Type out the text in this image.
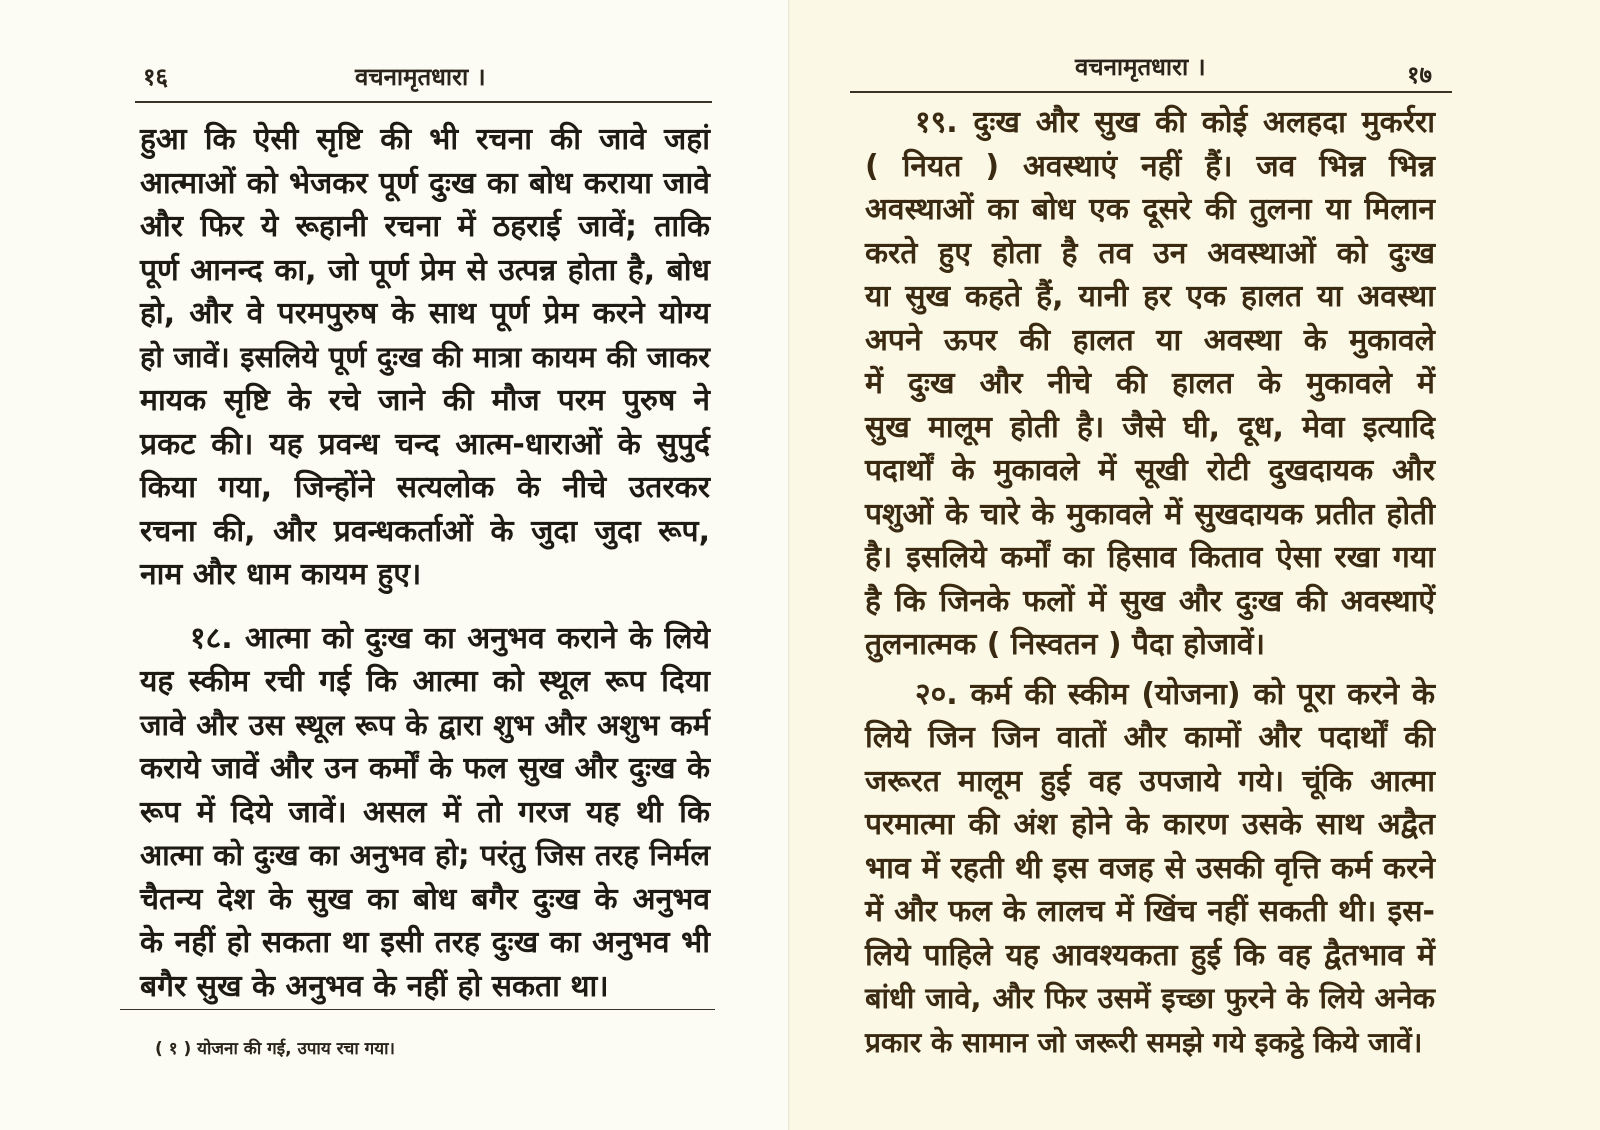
१६	वचनामृतधारा ।
हुआ कि ऐसी सृष्टि की भी रचना की जावे जहां
आत्माओं को भेजकर पूर्ण दुःख का बोध कराया जावे
और फिर ये रूहानी रचना में ठहराई जावें; ताकि
पूर्ण आनन्द का, जो पूर्ण प्रेम से उत्पन्न होता है, बोध
हो, और वे परमपुरुष के साथ पूर्ण प्रेम करने योग्य
हो जावें। इसलिये पूर्ण दुःख की मात्रा कायम की जाकर
मायक सृष्टि के रचे जाने की मौज परम पुरुष ने
प्रकट की। यह प्रवन्ध चन्द आत्म-धाराओं के सुपुर्द
किया गया, जिन्होंने सत्यलोक के नीचे उतरकर
रचना की, और प्रवन्धकर्ताओं के जुदा जुदा रूप,
नाम और धाम कायम हुए।
१८. आत्मा को दुःख का अनुभव कराने के लिये
यह स्कीम रची गई कि आत्मा को स्थूल रूप दिया
जावे और उस स्थूल रूप के द्वारा शुभ और अशुभ कर्म
कराये जावें और उन कर्मों के फल सुख और दुःख के
रूप में दिये जावें। असल में तो गरज यह थी कि
आत्मा को दुःख का अनुभव हो; परंतु जिस तरह निर्मल
चैतन्य देश के सुख का बोध बगैर दुःख के अनुभव
के नहीं हो सकता था इसी तरह दुःख का अनुभव भी
बगैर सुख के अनुभव के नहीं हो सकता था।
( १ ) योजना की गई, उपाय रचा गया।
वचनामृतधारा ।	१७
१९. दुःख और सुख की कोई अलहदा मुकर्ररा
( नियत ) अवस्थाएं नहीं हैं। जव भिन्न भिन्न
अवस्थाओं का बोध एक दूसरे की तुलना या मिलान
करते हुए होता है तव उन अवस्थाओं को दुःख
या सुख कहते हैं, यानी हर एक हालत या अवस्था
अपने ऊपर की हालत या अवस्था के मुकावले
में दुःख और नीचे की हालत के मुकावले में
सुख मालूम होती है। जैसे घी, दूध, मेवा इत्यादि
पदार्थों के मुकावले में सूखी रोटी दुखदायक और
पशुओं के चारे के मुकावले में सुखदायक प्रतीत होती
है। इसलिये कर्मों का हिसाव किताव ऐसा रखा गया
है कि जिनके फलों में सुख और दुःख की अवस्थाऐं
तुलनात्मक ( निस्वतन ) पैदा होजावें।
२०. कर्म की स्कीम (योजना) को पूरा करने के
लिये जिन जिन वातों और कामों और पदार्थों की
जरूरत मालूम हुई वह उपजाये गये। चूंकि आत्मा
परमात्मा की अंश होने के कारण उसके साथ अद्वैत
भाव में रहती थी इस वजह से उसकी वृत्ति कर्म करने
में और फल के लालच में खिंच नहीं सकती थी। इस-
लिये पाहिले यह आवश्यकता हुई कि वह द्वैतभाव में
बांधी जावे, और फिर उसमें इच्छा फुरने के लिये अनेक
प्रकार के सामान जो जरूरी समझे गये इकट्ठे किये जावें।
